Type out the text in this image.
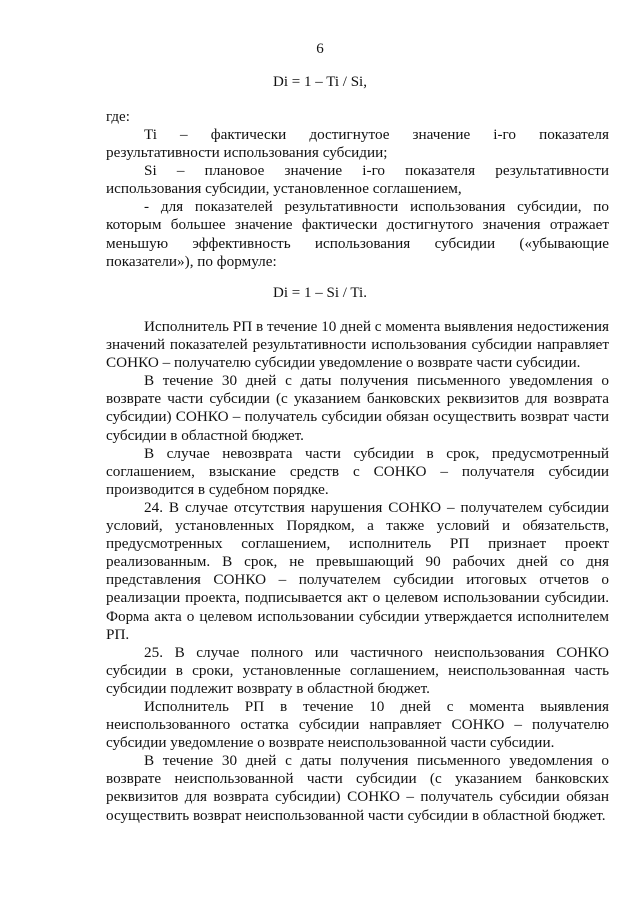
6
Di = 1 – Ti / Si,
где:

Ti – фактически достигнутое значение i-го показателя результативности использования субсидии;

Si – плановое значение i-го показателя результативности использования субсидии, установленное соглашением,

- для показателей результативности использования субсидии, по которым большее значение фактически достигнутого значения отражает меньшую эффективность использования субсидии («убывающие показатели»), по формуле:

Di = 1 – Si / Ti.

Исполнитель РП в течение 10 дней с момента выявления недостижения значений показателей результативности использования субсидии направляет СОНКО – получателю субсидии уведомление о возврате части субсидии.

В течение 30 дней с даты получения письменного уведомления о возврате части субсидии (с указанием банковских реквизитов для возврата субсидии) СОНКО – получатель субсидии обязан осуществить возврат части субсидии в областной бюджет.

В случае невозврата части субсидии в срок, предусмотренный соглашением, взыскание средств с СОНКО – получателя субсидии производится в судебном порядке.

24. В случае отсутствия нарушения СОНКО – получателем субсидии условий, установленных Порядком, а также условий и обязательств, предусмотренных соглашением, исполнитель РП признает проект реализованным. В срок, не превышающий 90 рабочих дней со дня представления СОНКО – получателем субсидии итоговых отчетов о реализации проекта, подписывается акт о целевом использовании субсидии. Форма акта о целевом использовании субсидии утверждается исполнителем РП.

25. В случае полного или частичного неиспользования СОНКО субсидии в сроки, установленные соглашением, неиспользованная часть субсидии подлежит возврату в областной бюджет.

Исполнитель РП в течение 10 дней с момента выявления неиспользованного остатка субсидии направляет СОНКО – получателю субсидии уведомление о возврате неиспользованной части субсидии.

В течение 30 дней с даты получения письменного уведомления о возврате неиспользованной части субсидии (с указанием банковских реквизитов для возврата субсидии) СОНКО – получатель субсидии обязан осуществить возврат неиспользованной части субсидии в областной бюджет.
